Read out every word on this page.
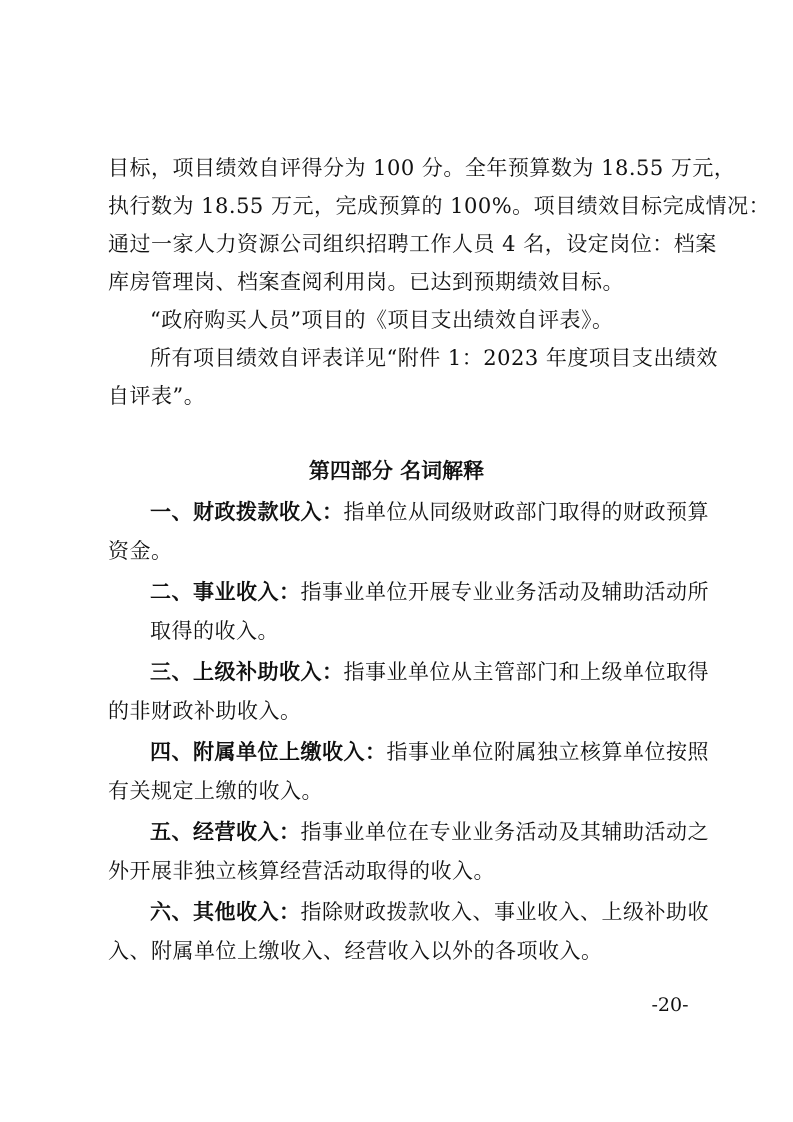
目标，项目绩效自评得分为 100 分。全年预算数为 18.55 万元，
执行数为 18.55 万元，完成预算的 100%。项目绩效目标完成情况：
通过一家人力资源公司组织招聘工作人员 4 名，设定岗位：档案
库房管理岗、档案查阅利用岗。已达到预期绩效目标。
“政府购买人员”项目的《项目支出绩效自评表》。
所有项目绩效自评表详见“附件 1：2023 年度项目支出绩效
自评表”。
第四部分 名词解释
一、财政拨款收入：指单位从同级财政部门取得的财政预算
资金。
二、事业收入：指事业单位开展专业业务活动及辅助活动所
取得的收入。
三、上级补助收入：指事业单位从主管部门和上级单位取得
的非财政补助收入。
四、附属单位上缴收入：指事业单位附属独立核算单位按照
有关规定上缴的收入。
五、经营收入：指事业单位在专业业务活动及其辅助活动之
外开展非独立核算经营活动取得的收入。
六、其他收入：指除财政拨款收入、事业收入、上级补助收
入、附属单位上缴收入、经营收入以外的各项收入。
-20-
